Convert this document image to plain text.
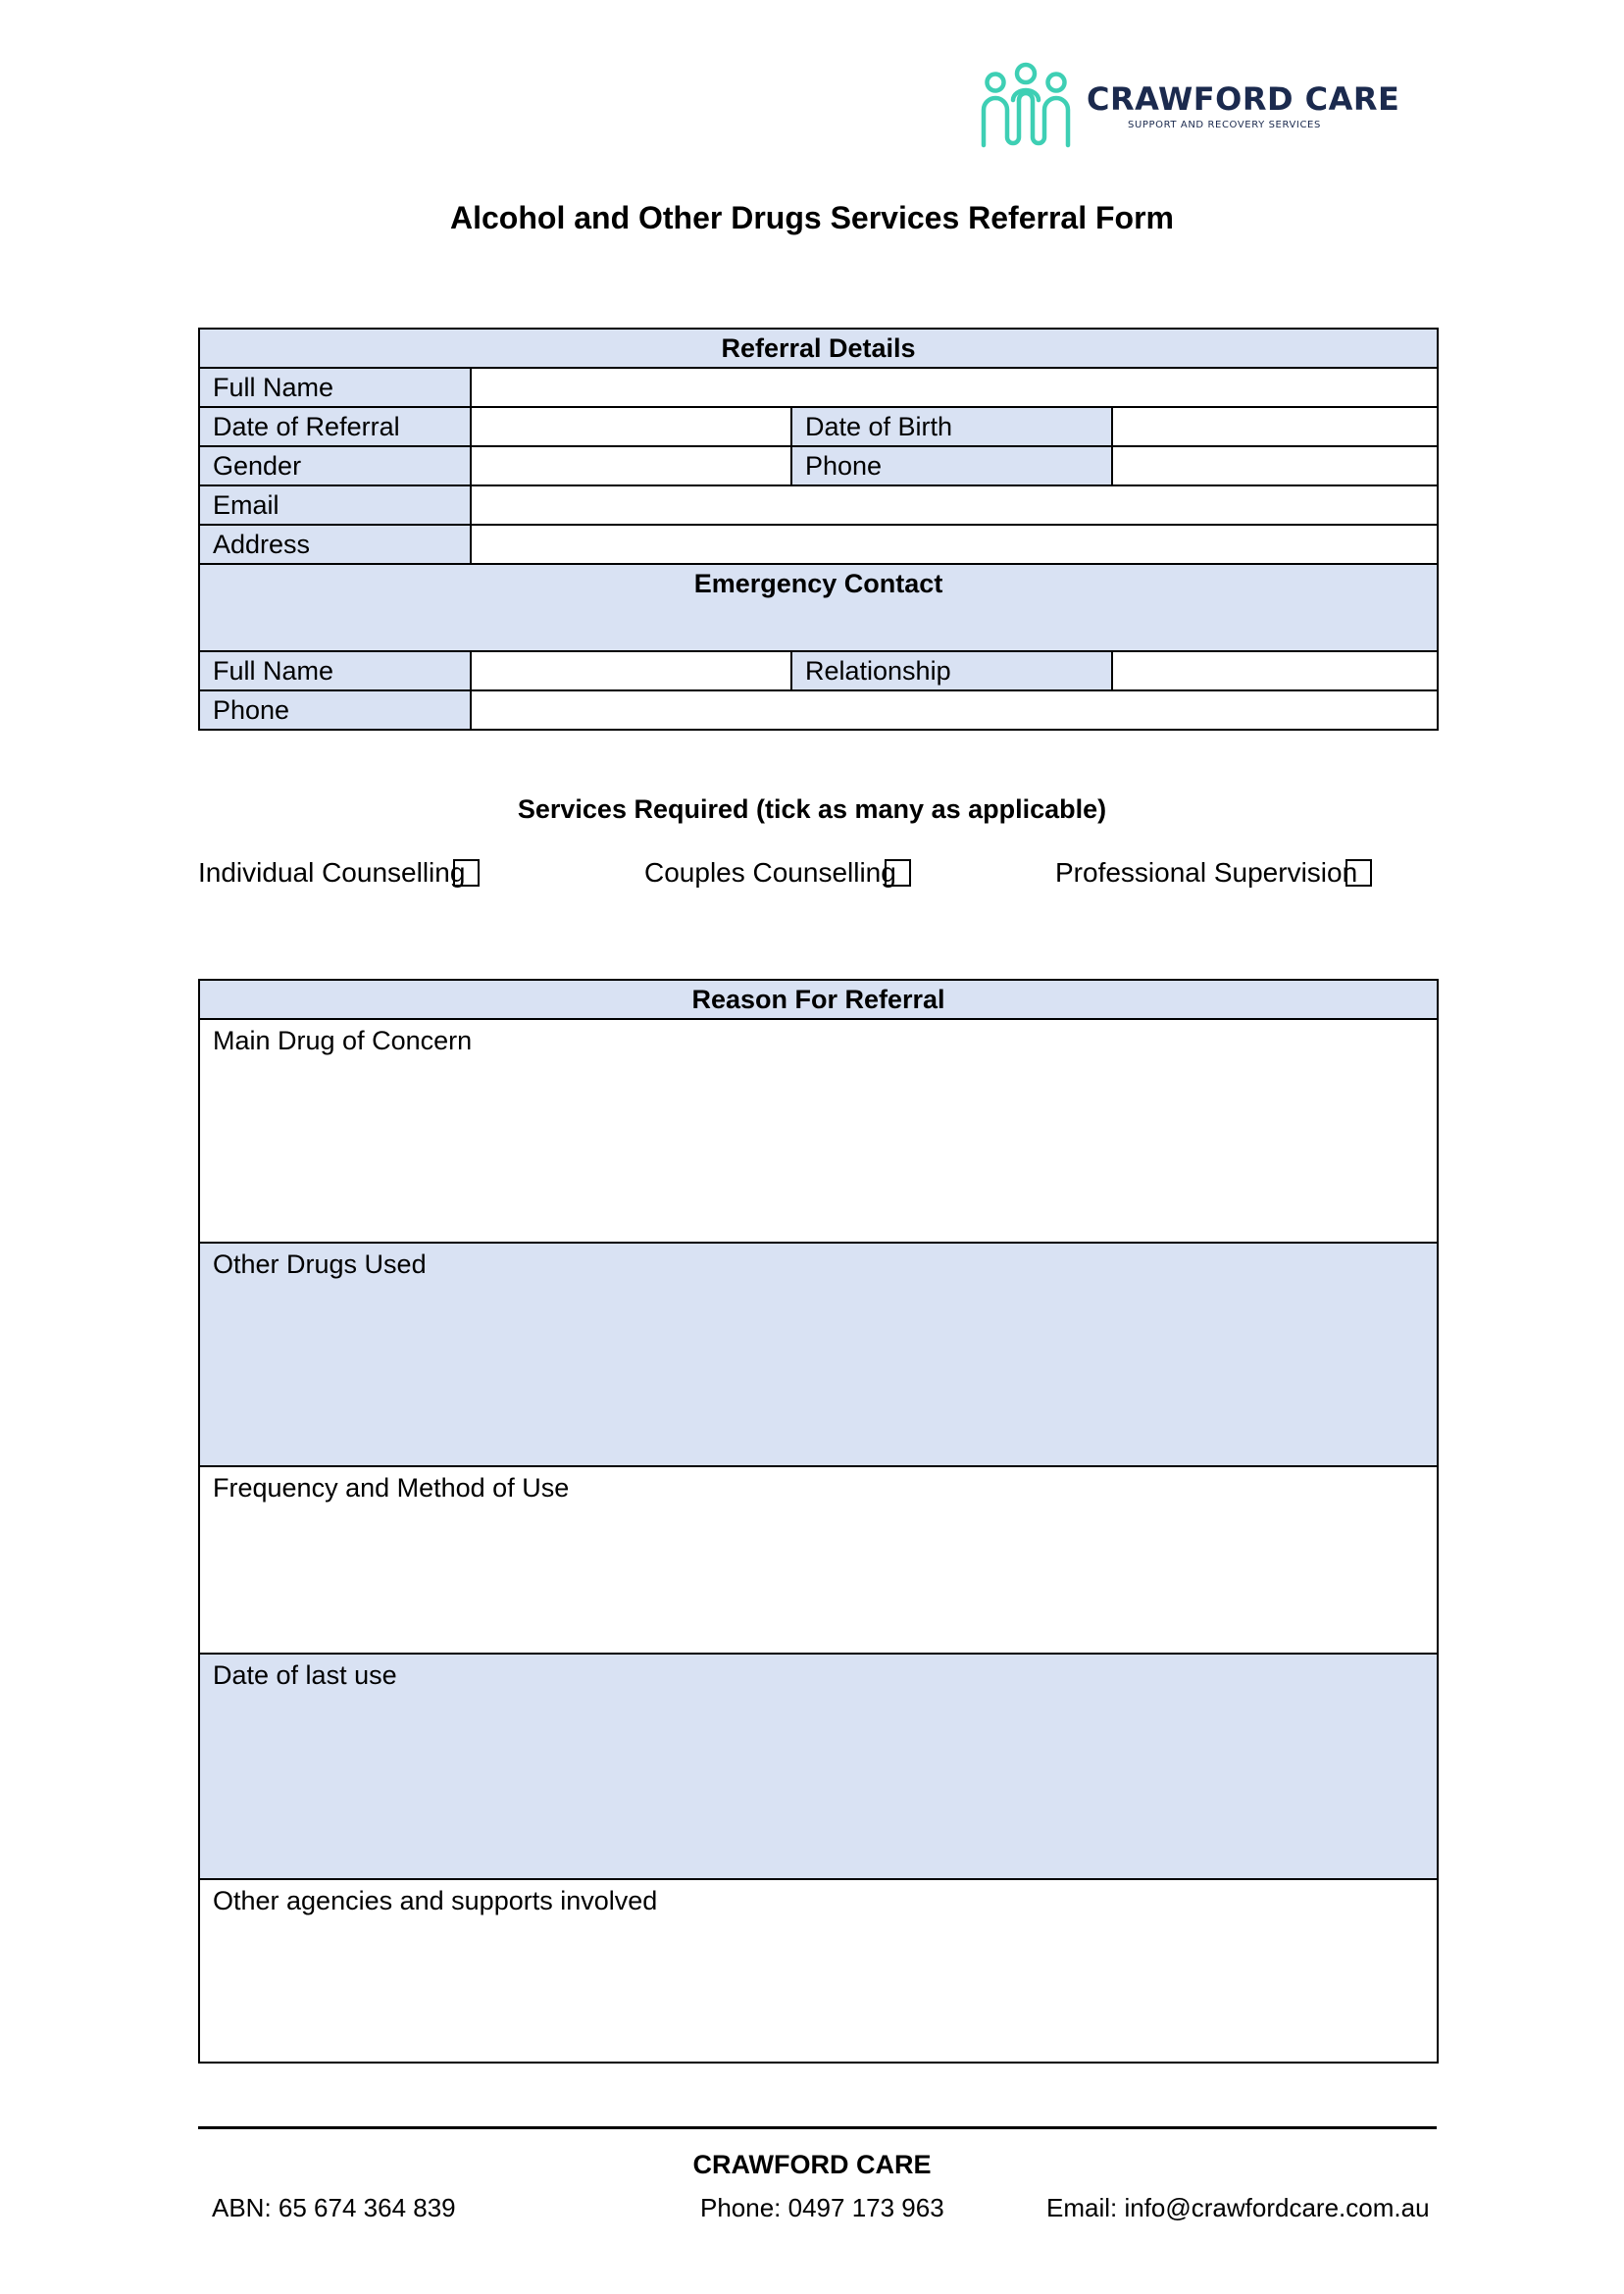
CRAWFORD CARE
SUPPORT AND RECOVERY SERVICES
Alcohol and Other Drugs Services Referral Form
Referral Details			
Full Name			
Date of Referral		Date of Birth	
Gender		Phone	
Email			
Address			
Emergency Contact			
Full Name		Relationship	
Phone			
Services Required (tick as many as applicable)
Individual Counselling	Couples Counselling	Professional Supervision
Reason For Referral
Main Drug of Concern
Other Drugs Used
Frequency and Method of Use
Date of last use
Other agencies and supports involved
CRAWFORD CARE
ABN: 65 674 364 839	Phone: 0497 173 963	Email: info@crawfordcare.com.au
